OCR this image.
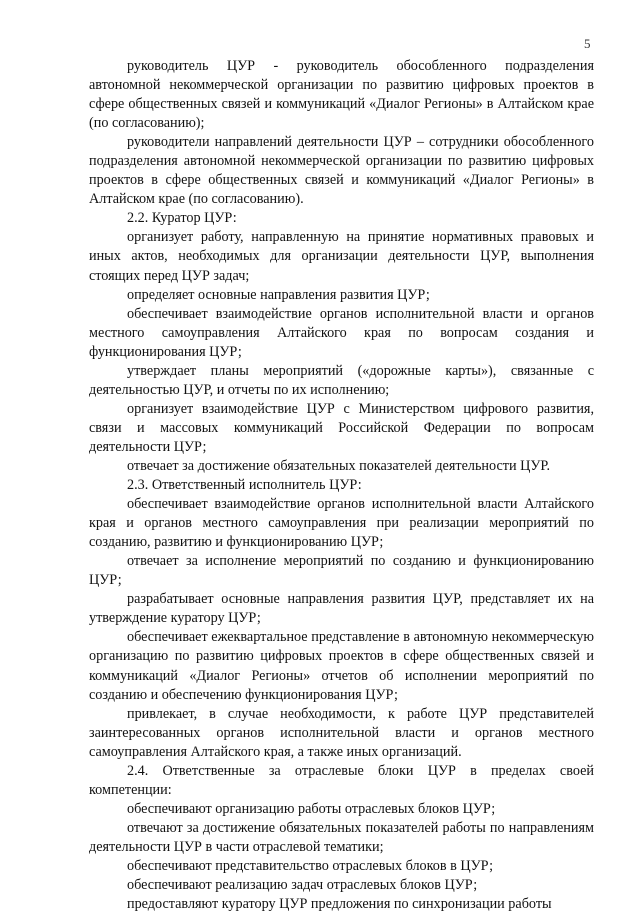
5

руководитель ЦУР - руководитель обособленного подразделения автономной некоммерческой организации по развитию цифровых проектов в сфере общественных связей и коммуникаций «Диалог Регионы» в Алтайском крае (по согласованию);

руководители направлений деятельности ЦУР – сотрудники обособленного подразделения автономной некоммерческой организации по развитию цифровых проектов в сфере общественных связей и коммуникаций «Диалог Регионы» в Алтайском крае (по согласованию).

2.2. Куратор ЦУР:

организует работу, направленную на принятие нормативных правовых и иных актов, необходимых для организации деятельности ЦУР, выполнения стоящих перед ЦУР задач;

определяет основные направления развития ЦУР;

обеспечивает взаимодействие органов исполнительной власти и органов местного самоуправления Алтайского края по вопросам создания и функционирования ЦУР;

утверждает планы мероприятий («дорожные карты»), связанные с деятельностью ЦУР, и отчеты по их исполнению;

организует взаимодействие ЦУР с Министерством цифрового развития, связи и массовых коммуникаций Российской Федерации по вопросам деятельности ЦУР;

отвечает за достижение обязательных показателей деятельности ЦУР.

2.3. Ответственный исполнитель ЦУР:

обеспечивает взаимодействие органов исполнительной власти Алтайского края и органов местного самоуправления при реализации мероприятий по созданию, развитию и функционированию ЦУР;

отвечает за исполнение мероприятий по созданию и функционированию ЦУР;

разрабатывает основные направления развития ЦУР, представляет их на утверждение куратору ЦУР;

обеспечивает ежеквартальное представление в автономную некоммерческую организацию по развитию цифровых проектов в сфере общественных связей и коммуникаций «Диалог Регионы» отчетов об исполнении мероприятий по созданию и обеспечению функционирования ЦУР;

привлекает, в случае необходимости, к работе ЦУР представителей заинтересованных органов исполнительной власти и органов местного самоуправления Алтайского края, а также иных организаций.

2.4. Ответственные за отраслевые блоки ЦУР в пределах своей компетенции:

обеспечивают организацию работы отраслевых блоков ЦУР;

отвечают за достижение обязательных показателей работы по направлениям деятельности ЦУР в части отраслевой тематики;

обеспечивают представительство отраслевых блоков в ЦУР;

обеспечивают реализацию задач отраслевых блоков ЦУР;

предоставляют куратору ЦУР предложения по синхронизации работы
